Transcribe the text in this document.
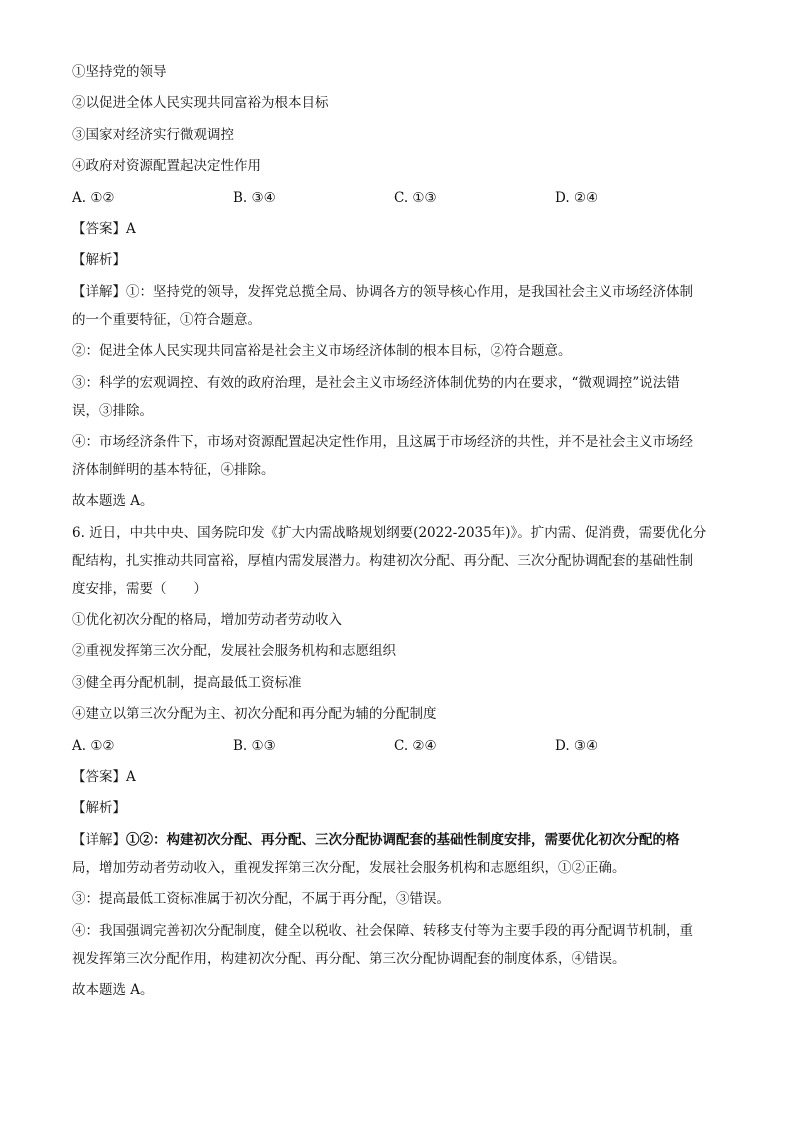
①坚持党的领导
②以促进全体人民实现共同富裕为根本目标
③国家对经济实行微观调控
④政府对资源配置起决定性作用
A. ①②	B. ③④	C. ①③	D. ②④
【答案】A
【解析】
【详解】①：坚持党的领导，发挥党总揽全局、协调各方的领导核心作用，是我国社会主义市场经济体制
的一个重要特征，①符合题意。
②：促进全体人民实现共同富裕是社会主义市场经济体制的根本目标，②符合题意。
③：科学的宏观调控、有效的政府治理，是社会主义市场经济体制优势的内在要求，“微观调控”说法错
误，③排除。
④：市场经济条件下，市场对资源配置起决定性作用，且这属于市场经济的共性，并不是社会主义市场经
济体制鲜明的基本特征，④排除。
故本题选 A。
6. 近日，中共中央、国务院印发《扩大内需战略规划纲要(2022-2035年)》。扩内需、促消费，需要优化分
配结构，扎实推动共同富裕，厚植内需发展潜力。构建初次分配、再分配、三次分配协调配套的基础性制
度安排，需要（　　）
①优化初次分配的格局，增加劳动者劳动收入
②重视发挥第三次分配，发展社会服务机构和志愿组织
③健全再分配机制，提高最低工资标准
④建立以第三次分配为主、初次分配和再分配为辅的分配制度
A. ①②	B. ①③	C. ②④	D. ③④
【答案】A
【解析】
【详解】①②：构建初次分配、再分配、三次分配协调配套的基础性制度安排，需要优化初次分配的格
局，增加劳动者劳动收入，重视发挥第三次分配，发展社会服务机构和志愿组织，①②正确。
③：提高最低工资标准属于初次分配，不属于再分配，③错误。
④：我国强调完善初次分配制度，健全以税收、社会保障、转移支付等为主要手段的再分配调节机制，重
视发挥第三次分配作用，构建初次分配、再分配、第三次分配协调配套的制度体系，④错误。
故本题选 A。
